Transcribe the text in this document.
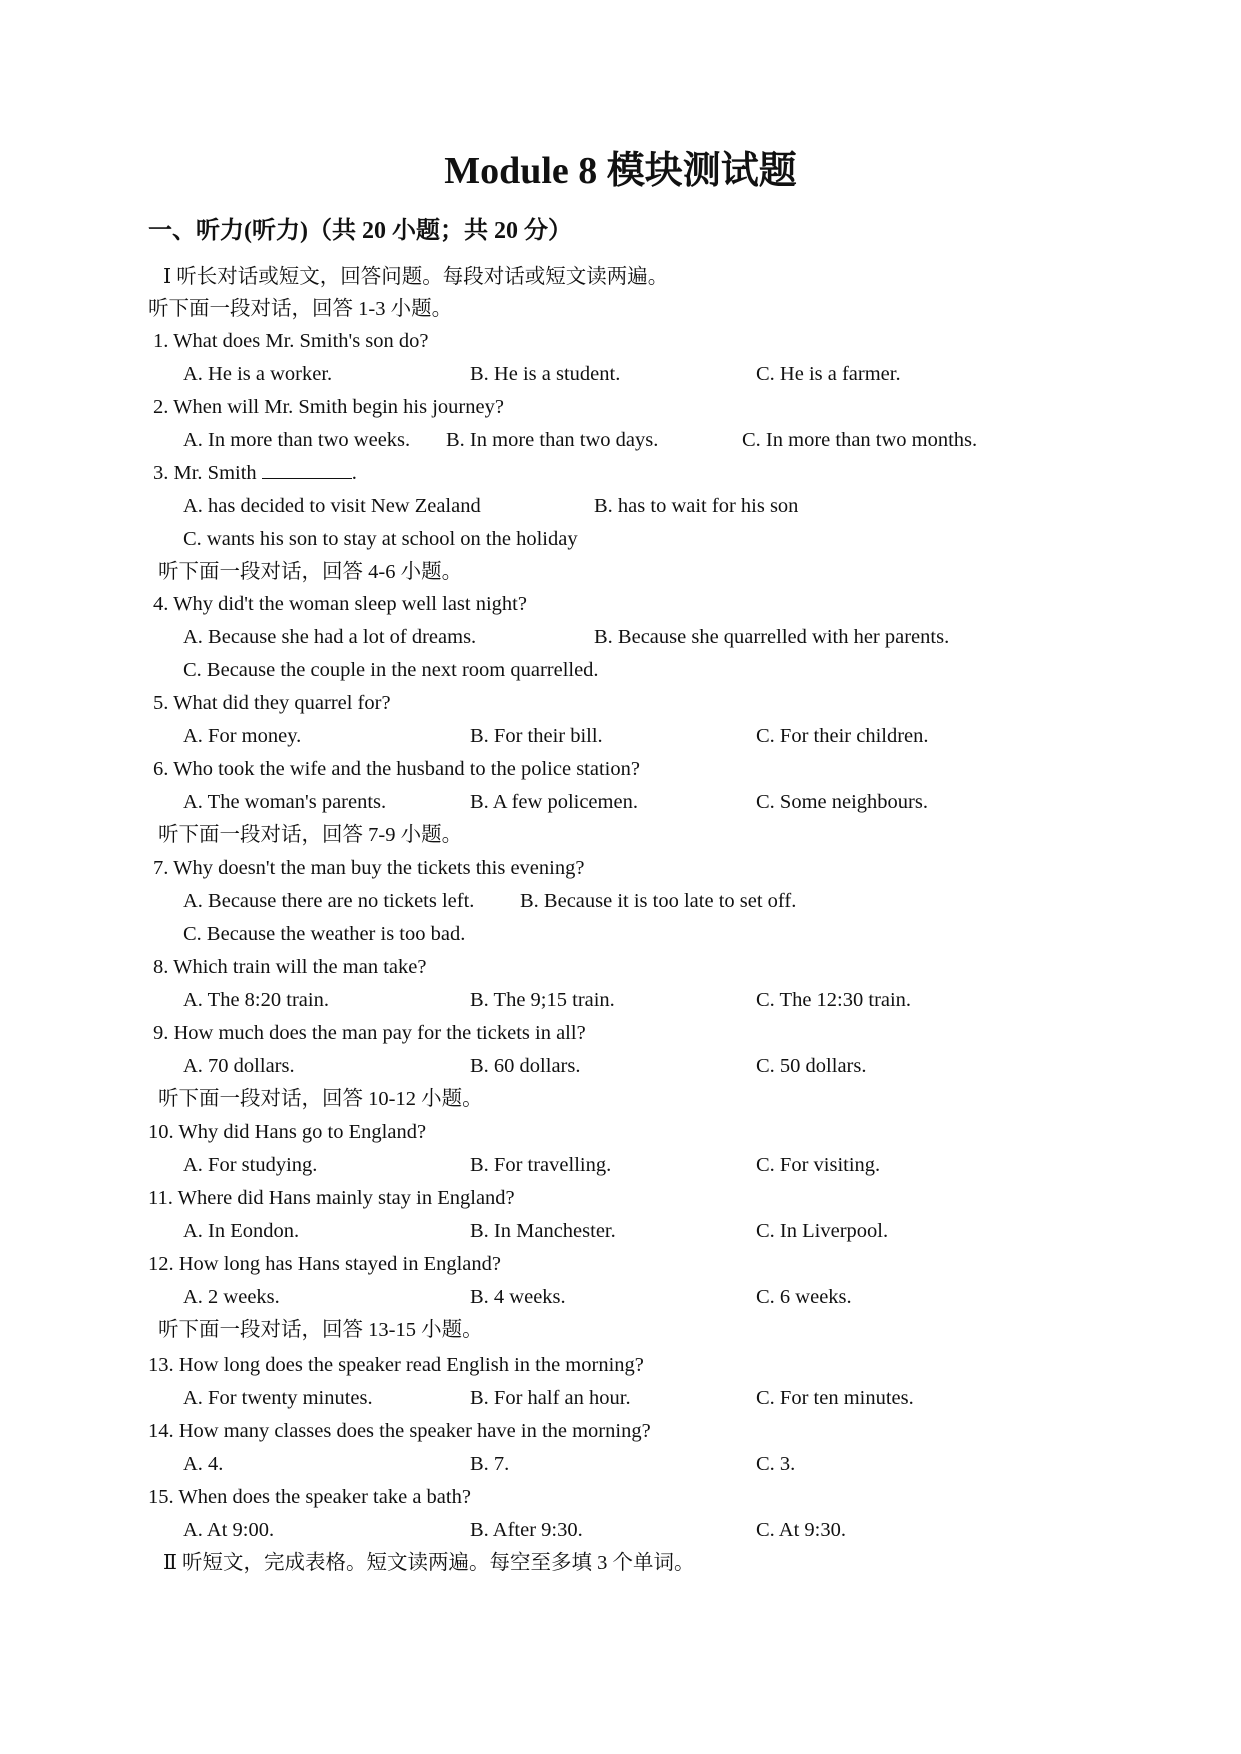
Module 8 模块测试题
一、听力(听力)（共 20 小题；共 20 分）
Ⅰ 听长对话或短文，回答问题。每段对话或短文读两遍。
听下面一段对话，回答 1-3 小题。
1. What does Mr. Smith's son do?
A. He is a worker.	B. He is a student.	C. He is a farmer.
2. When will Mr. Smith begin his journey?
A. In more than two weeks. B. In more than two days.	C. In more than two months.
3. Mr. Smith	.
A. has decided to visit New Zealand	B. has to wait for his son
C. wants his son to stay at school on the holiday
听下面一段对话，回答 4-6 小题。
4. Why did't the woman sleep well last night?
A. Because she had a lot of dreams.	B. Because she quarrelled with her parents.
C. Because the couple in the next room quarrelled.
5. What did they quarrel for?
A. For money.	B. For their bill.	C. For their children.
6. Who took the wife and the husband to the police station?
A. The woman's parents.	B. A few policemen.	C. Some neighbours.
听下面一段对话，回答 7-9 小题。
7. Why doesn't the man buy the tickets this evening?
A. Because there are no tickets left. B. Because it is too late to set off.
C. Because the weather is too bad.
8. Which train will the man take?
A. The 8:20 train.	B. The 9;15 train.	C. The 12:30 train.
9. How much does the man pay for the tickets in all?
A. 70 dollars.	B. 60 dollars.	C. 50 dollars.
听下面一段对话，回答 10-12 小题。
10. Why did Hans go to England?
A. For studying.	B. For travelling.	C. For visiting.
11. Where did Hans mainly stay in England?
A. In Eondon.	B. In Manchester.	C. In Liverpool.
12. How long has Hans stayed in England?
A. 2 weeks.	B. 4 weeks.	C. 6 weeks.
听下面一段对话，回答 13-15 小题。
13. How long does the speaker read English in the morning?
A. For twenty minutes.	B. For half an hour.	C. For ten minutes.
14. How many classes does the speaker have in the morning?
A. 4.	B. 7.	C. 3.
15. When does the speaker take a bath?
A. At 9:00.	B. After 9:30.	C. At 9:30.
Ⅱ 听短文，完成表格。短文读两遍。每空至多填 3 个单词。
